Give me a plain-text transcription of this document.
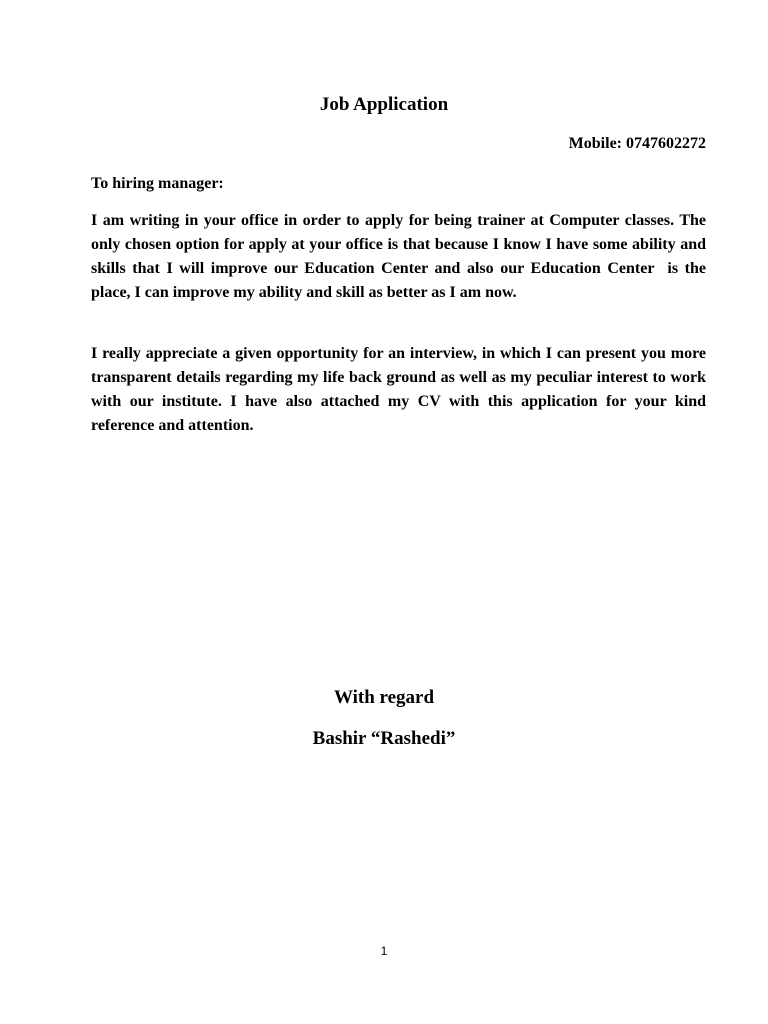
Job Application
Mobile: 0747602272
To hiring manager:
I am writing in your office in order to apply for being trainer at Computer classes. The only chosen option for apply at your office is that because I know I have some ability and skills that I will improve our Education Center and also our Education Center  is the place, I can improve my ability and skill as better as I am now.
I really appreciate a given opportunity for an interview, in which I can present you more transparent details regarding my life back ground as well as my peculiar interest to work with our institute. I have also attached my CV with this application for your kind reference and attention.
With regard
Bashir “Rashedi”
1
